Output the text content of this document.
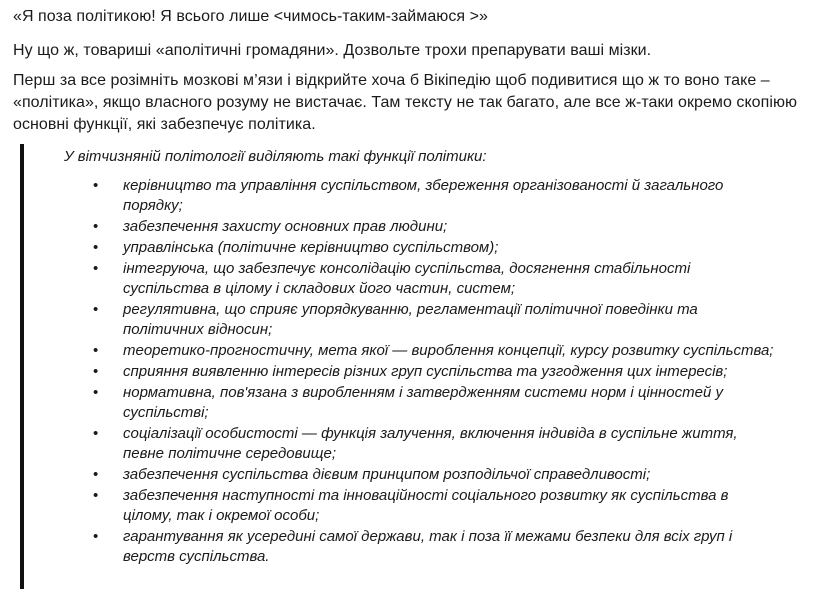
«Я поза політикою! Я всього лише <чимось-таким-займаюся >»

Ну що ж, товариші «аполітичні громадяни». Дозвольте трохи препарувати ваші мізки.

Перш за все розімніть мозкові м’язи і відкрийте хоча б Вікіпедію щоб подивитися що ж то воно таке – «політика», якщо власного розуму не вистачає. Там тексту не так багато, але все ж-таки окремо скопіюю основні функції, які забезпечує політика.

У вітчизняній політології виділяють такі функції політики:

• керівництво та управління суспільством, збереження організованості й загального порядку;
• забезпечення захисту основних прав людини;
• управлінська (політичне керівництво суспільством);
• інтегруюча, що забезпечує консолідацію суспільства, досягнення стабільності суспільства в цілому і складових його частин, систем;
• регулятивна, що сприяє упорядкуванню, регламентації політичної поведінки та політичних відносин;
• теоретико-прогностичну, мета якої — вироблення концепції, курсу розвитку суспільства;
• сприяння виявленню інтересів різних груп суспільства та узгодження цих інтересів;
• нормативна, пов'язана з виробленням і затвердженням системи норм і цінностей у суспільстві;
• соціалізації особистості — функція залучення, включення індивіда в суспільне життя, певне політичне середовище;
• забезпечення суспільства дієвим принципом розподільчої справедливості;
• забезпечення наступності та інноваційності соціального розвитку як суспільства в цілому, так і окремої особи;
• гарантування як усередині самої держави, так і поза її межами безпеки для всіх груп і верств суспільства.
